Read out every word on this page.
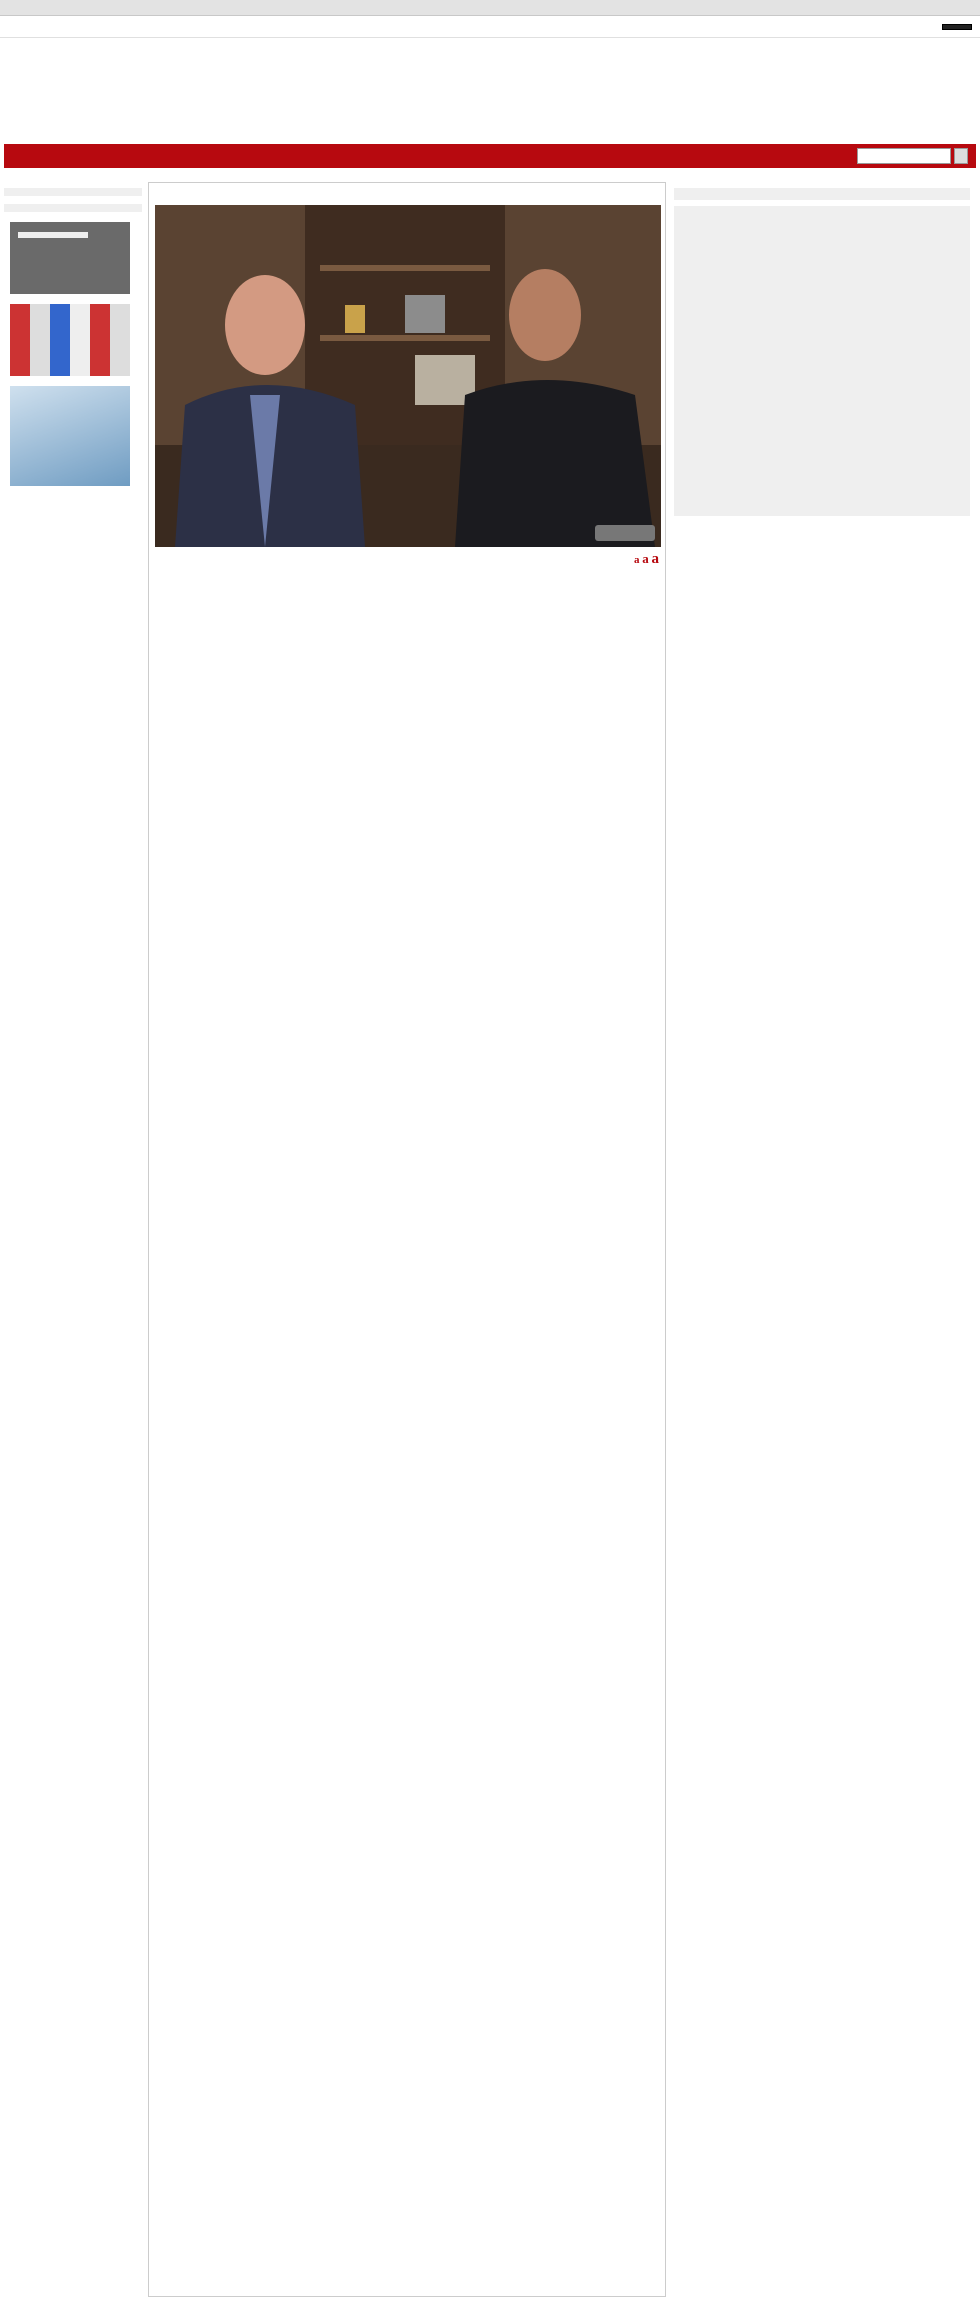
a a a
